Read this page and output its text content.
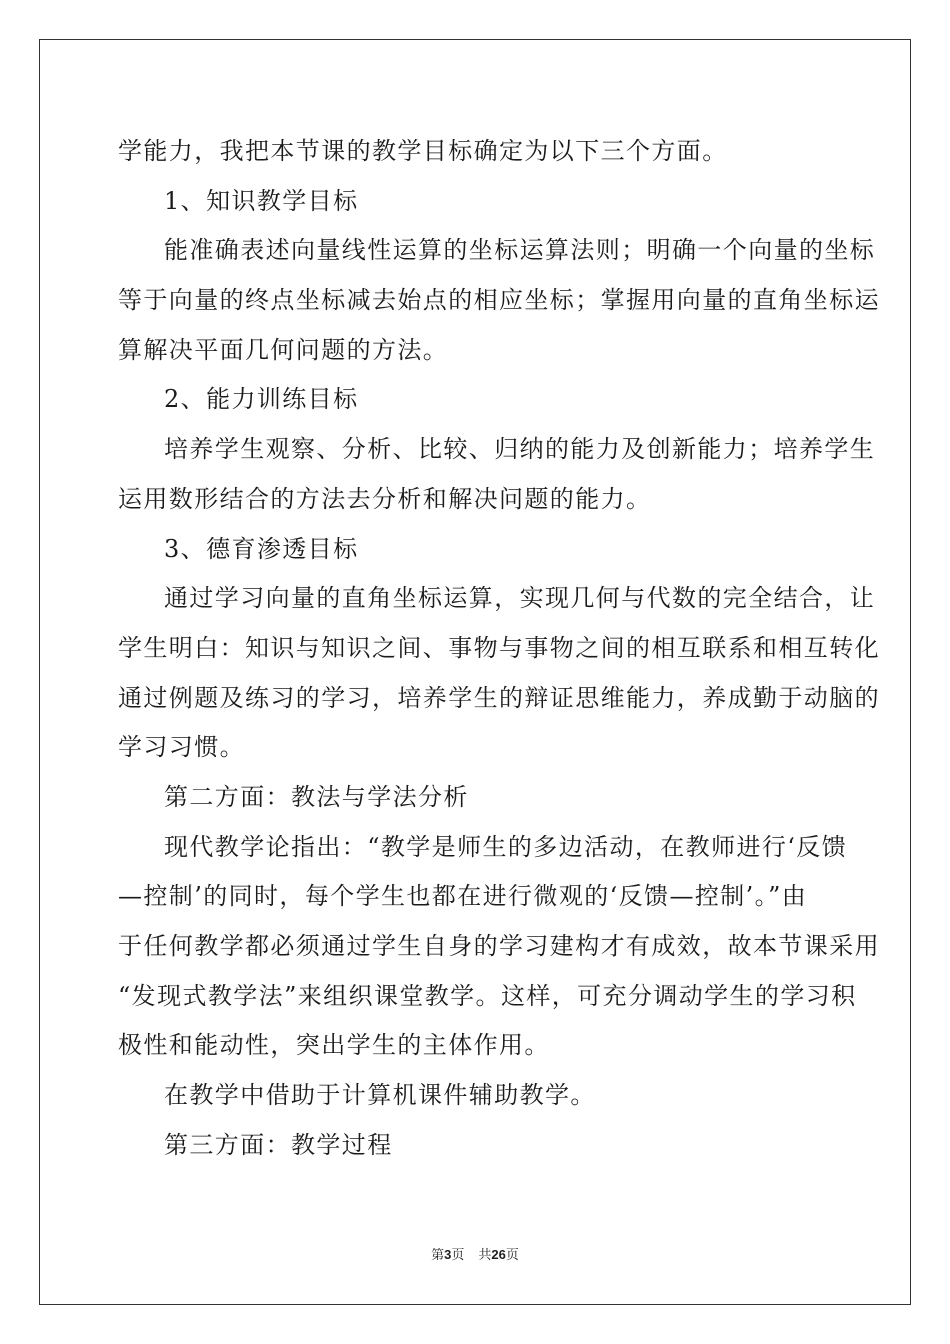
学能力，我把本节课的教学目标确定为以下三个方面。
1、知识教学目标
能准确表述向量线性运算的坐标运算法则；明确一个向量的坐标
等于向量的终点坐标减去始点的相应坐标；掌握用向量的直角坐标运
算解决平面几何问题的方法。
2、能力训练目标
培养学生观察、分析、比较、归纳的能力及创新能力；培养学生
运用数形结合的方法去分析和解决问题的能力。
3、德育渗透目标
通过学习向量的直角坐标运算，实现几何与代数的完全结合，让
学生明白：知识与知识之间、事物与事物之间的相互联系和相互转化
通过例题及练习的学习，培养学生的辩证思维能力，养成勤于动脑的
学习习惯。
第二方面：教法与学法分析
现代教学论指出：“教学是师生的多边活动，在教师进行‘反馈
—控制’的同时，每个学生也都在进行微观的‘反馈—控制’。”由
于任何教学都必须通过学生自身的学习建构才有成效，故本节课采用
“发现式教学法”来组织课堂教学。这样，可充分调动学生的学习积
极性和能动性，突出学生的主体作用。
在教学中借助于计算机课件辅助教学。
第三方面：教学过程
第3页 共26页
